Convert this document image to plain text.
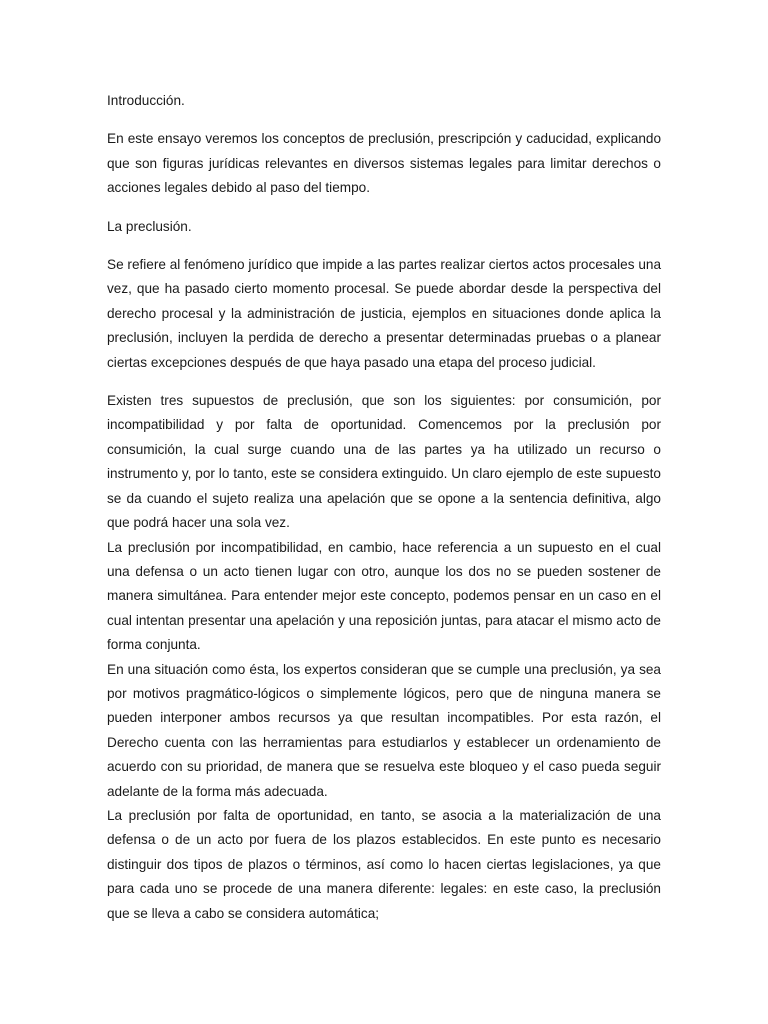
Introducción.

En este ensayo veremos los conceptos de preclusión, prescripción y caducidad, explicando que son figuras jurídicas relevantes en diversos sistemas legales para limitar derechos o acciones legales debido al paso del tiempo.

La preclusión.

Se refiere al fenómeno jurídico que impide a las partes realizar ciertos actos procesales una vez, que ha pasado cierto momento procesal. Se puede abordar desde la perspectiva del derecho procesal y la administración de justicia, ejemplos en situaciones donde aplica la preclusión, incluyen la perdida de derecho a presentar determinadas pruebas o a planear ciertas excepciones después de que haya pasado una etapa del proceso judicial.

Existen tres supuestos de preclusión, que son los siguientes: por consumición, por incompatibilidad y por falta de oportunidad. Comencemos por la preclusión por consumición, la cual surge cuando una de las partes ya ha utilizado un recurso o instrumento y, por lo tanto, este se considera extinguido. Un claro ejemplo de este supuesto se da cuando el sujeto realiza una apelación que se opone a la sentencia definitiva, algo que podrá hacer una sola vez.

La preclusión por incompatibilidad, en cambio, hace referencia a un supuesto en el cual una defensa o un acto tienen lugar con otro, aunque los dos no se pueden sostener de manera simultánea. Para entender mejor este concepto, podemos pensar en un caso en el cual intentan presentar una apelación y una reposición juntas, para atacar el mismo acto de forma conjunta.

En una situación como ésta, los expertos consideran que se cumple una preclusión, ya sea por motivos pragmático-lógicos o simplemente lógicos, pero que de ninguna manera se pueden interponer ambos recursos ya que resultan incompatibles. Por esta razón, el Derecho cuenta con las herramientas para estudiarlos y establecer un ordenamiento de acuerdo con su prioridad, de manera que se resuelva este bloqueo y el caso pueda seguir adelante de la forma más adecuada.

La preclusión por falta de oportunidad, en tanto, se asocia a la materialización de una defensa o de un acto por fuera de los plazos establecidos. En este punto es necesario distinguir dos tipos de plazos o términos, así como lo hacen ciertas legislaciones, ya que para cada uno se procede de una manera diferente: legales: en este caso, la preclusión que se lleva a cabo se considera automática;
